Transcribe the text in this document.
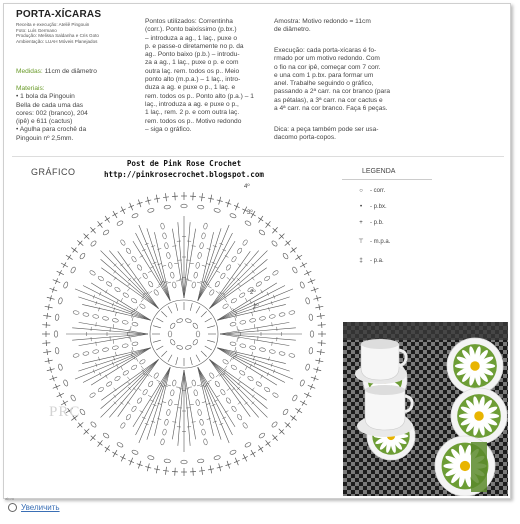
PORTA-XÍCARAS
Receita e execução: Ateliê Pingouin
Foto: Luís Germano
Produção: Melissa Saldanha e Cris Goto
Ambientação: LUAH Móveis Planejados
Medidas: 11cm de diâmetro
Materiais:
• 1 bola da Pingouin
Bella de cada uma das
cores: 002 (branco), 204
(ipê) e 611 (cactus)
• Agulha para crochê da
Pingouin nº 2,5mm.
Pontos utilizados: Correntinha
(corr.). Ponto baixíssimo (p.bx.)
– introduza a ag., 1 laç., puxe o
p. e passe-o diretamente no p. da
ag.. Ponto baixo (p.b.) – introdu-
za a ag., 1 laç., puxe o p. e com
outra laç. rem. todos os p.. Meio
ponto alto (m.p.a.) – 1 laç., intro-
duza a ag. e puxe o p., 1 laç. e
rem. todos os p.. Ponto alto (p.a.) – 1
laç., introduza a ag. e puxe o p.,
1 laç., rem. 2 p. e com outra laç.
rem. todos os p.. Motivo redondo
– siga o gráfico.
Amostra: Motivo redondo = 11cm
de diâmetro.
Execução: cada porta-xícaras é fo-
rmado por um motivo redondo. Com
o fio na cor ipê, começar com 7 corr.
e una com 1 p.bx. para formar um
anel. Trabalhe seguindo o gráfico,
passando a 2ª carr. na cor branco (para
as pétalas), a 3ª carr. na cor cactus e
a 4ª carr. na cor branco. Faça 6 peças.
Dica: a peça também pode ser usa-
dacomo porta-copos.
GRÁFICO
4º
3º
2º
1º
Post de Pink Rose Crochet
http://pinkrosecrochet.blogspot.com
PRC
LEGENDA
○ - corr.
• - p.bx.
+ - p.b.
⊤ - m.p.a.
‡ - p.a.
ab.ru
Увеличить
